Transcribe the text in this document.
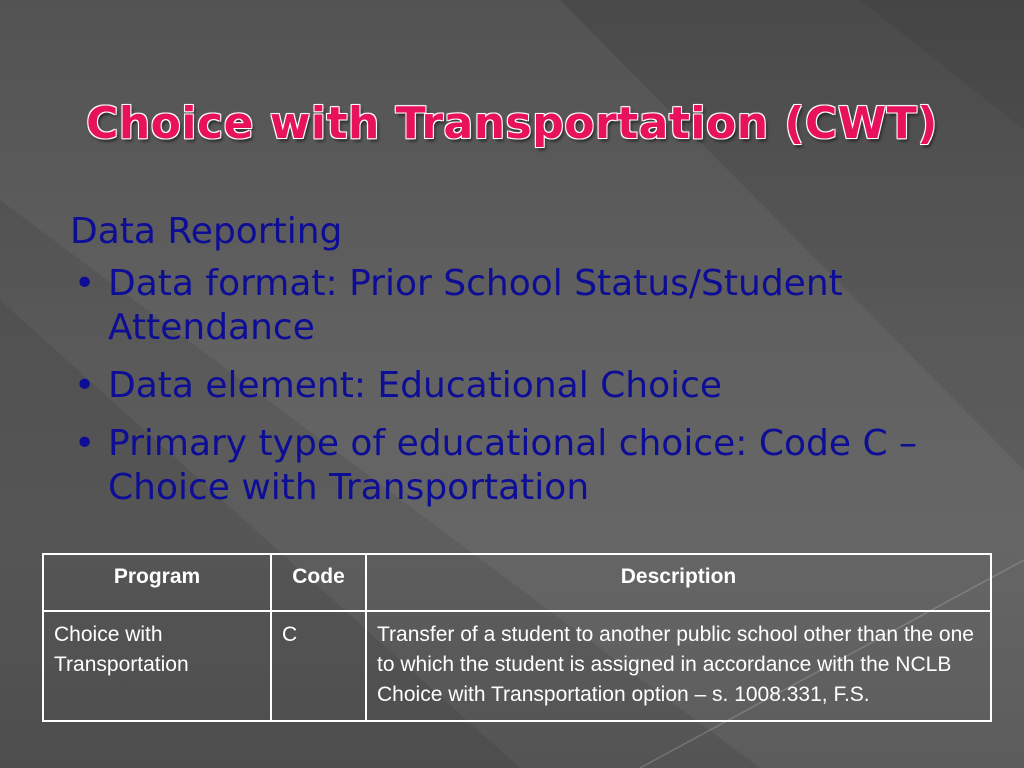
Choice with Transportation (CWT)

Data Reporting

• Data format: Prior School Status/Student Attendance
• Data element: Educational Choice
• Primary type of educational choice: Code C – Choice with Transportation
Program	Code	Description
Choice with Transportation	C	Transfer of a student to another public school other than the one to which the student is assigned in accordance with the NCLB Choice with Transportation option – s. 1008.331, F.S.
